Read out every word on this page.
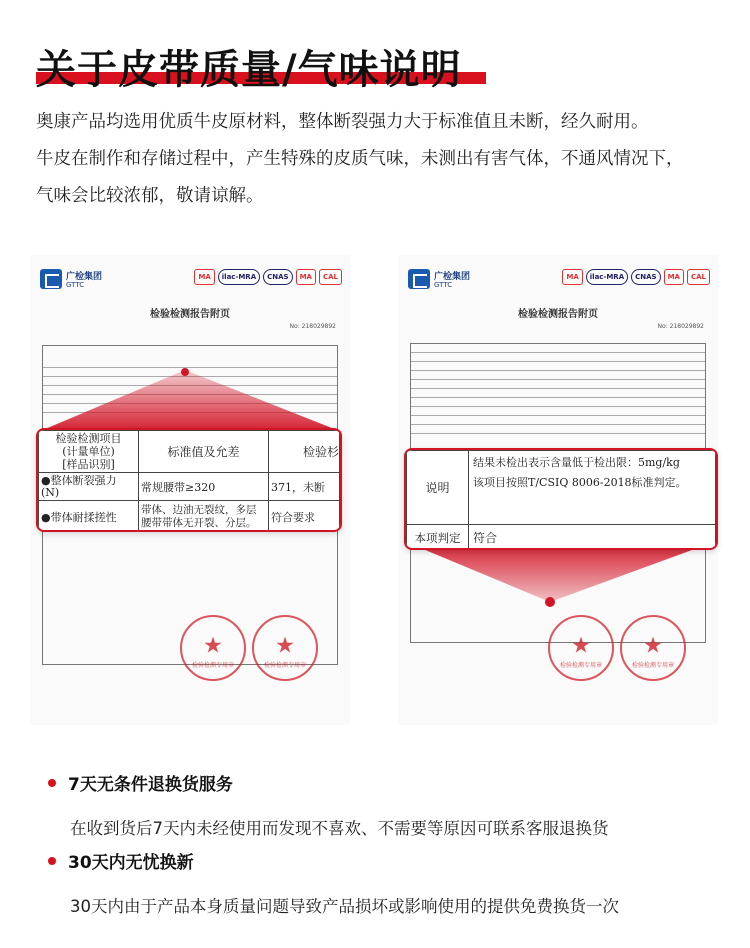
关于皮带质量/气味说明

奥康产品均选用优质牛皮原材料，整体断裂强力大于标准值且未断，经久耐用。

牛皮在制作和存储过程中，产生特殊的皮质气味，未测出有害气体，不通风情况下，

气味会比较浓郁，敬请谅解。

广检集团
GTTC
MA	ilac-MRA	CNAS	MA	CAL
检验检测报告附页
No: 218029892
★
检验检测专用章
★
检验检测专用章
检验检测项目
(计量单位)
[样品识别]	标准值及允差	检验杉
●整体断裂强力
(N)	常规腰带≥320	371，未断
●带体耐揉搓性	带体、边油无裂纹，多层
腰带带体无开裂、分层。	符合要求
广检集团
GTTC
MA	ilac-MRA	CNAS	MA	CAL
检验检测报告附页
No: 218029892
★
检验检测专用章
★
检验检测专用章
说明	结果未检出表示含量低于检出限：5mg/kg
该项目按照T/CSIQ 8006-2018标准判定。
本项判定	符合
7天无条件退换货服务
在收到货后7天内未经使用而发现不喜欢、不需要等原因可联系客服退换货
30天内无忧换新
30天内由于产品本身质量问题导致产品损坏或影响使用的提供免费换货一次
